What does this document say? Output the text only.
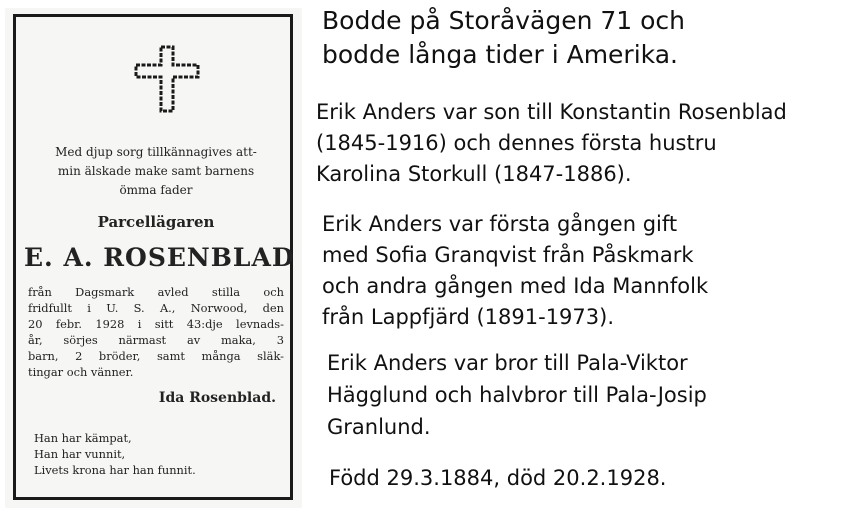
Med djup sorg tillkännagives att-

min älskade make samt barnens

ömma fader

Parcellägaren

E. A. ROSENBLAD

från Dagsmark avled stilla och

fridfullt i U. S. A., Norwood, den

20 febr. 1928 i sitt 43:dje levnads-

år, sörjes närmast av maka, 3

barn, 2 bröder, samt många släk-

tingar och vänner.

Ida Rosenblad.

Han har kämpat,

Han har vunnit,

Livets krona har han funnit.

Bodde på Storåvägen 71 och

bodde långa tider i Amerika.

Erik Anders var son till Konstantin Rosenblad

(1845-1916) och dennes första hustru

Karolina Storkull (1847-1886).

Erik Anders var första gången gift

med Sofia Granqvist från Påskmark

och andra gången med Ida Mannfolk

från Lappfjärd (1891-1973).

Erik Anders var bror till Pala-Viktor

Hägglund och halvbror till Pala-Josip

Granlund.

Född 29.3.1884, död 20.2.1928.
